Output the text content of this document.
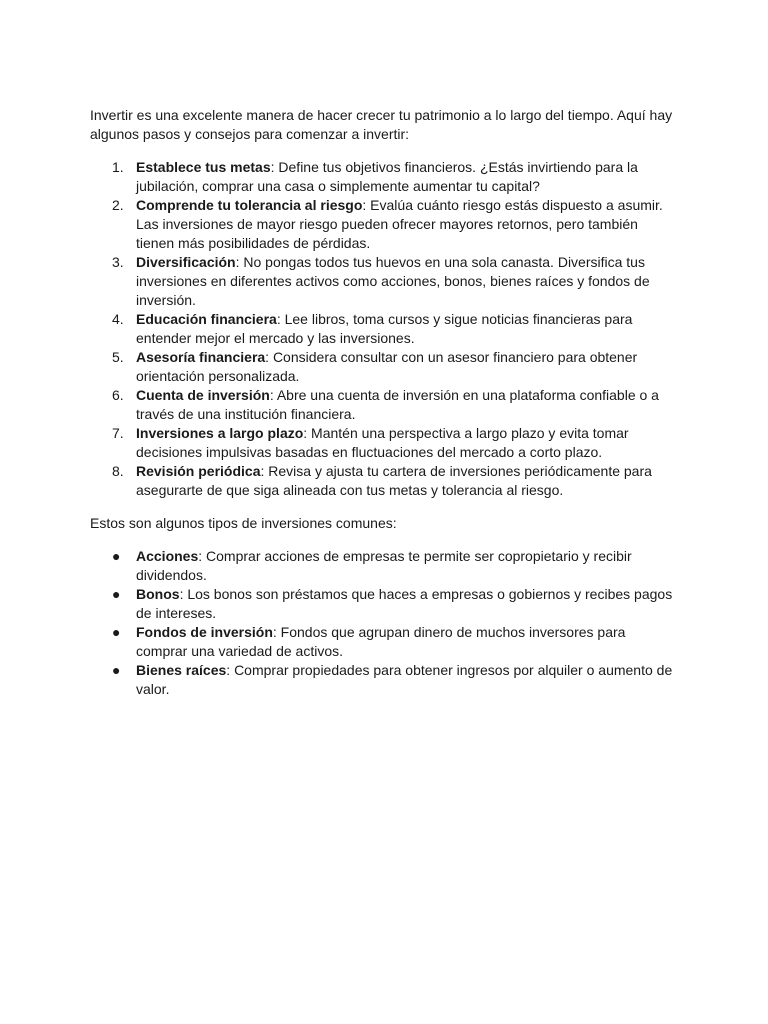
Invertir es una excelente manera de hacer crecer tu patrimonio a lo largo del tiempo. Aquí hay algunos pasos y consejos para comenzar a invertir:

1. Establece tus metas: Define tus objetivos financieros. ¿Estás invirtiendo para la jubilación, comprar una casa o simplemente aumentar tu capital?
2. Comprende tu tolerancia al riesgo: Evalúa cuánto riesgo estás dispuesto a asumir. Las inversiones de mayor riesgo pueden ofrecer mayores retornos, pero también tienen más posibilidades de pérdidas.
3. Diversificación: No pongas todos tus huevos en una sola canasta. Diversifica tus inversiones en diferentes activos como acciones, bonos, bienes raíces y fondos de inversión.
4. Educación financiera: Lee libros, toma cursos y sigue noticias financieras para entender mejor el mercado y las inversiones.
5. Asesoría financiera: Considera consultar con un asesor financiero para obtener orientación personalizada.
6. Cuenta de inversión: Abre una cuenta de inversión en una plataforma confiable o a través de una institución financiera.
7. Inversiones a largo plazo: Mantén una perspectiva a largo plazo y evita tomar decisiones impulsivas basadas en fluctuaciones del mercado a corto plazo.
8. Revisión periódica: Revisa y ajusta tu cartera de inversiones periódicamente para asegurarte de que siga alineada con tus metas y tolerancia al riesgo.

Estos son algunos tipos de inversiones comunes:

● Acciones: Comprar acciones de empresas te permite ser copropietario y recibir dividendos.
● Bonos: Los bonos son préstamos que haces a empresas o gobiernos y recibes pagos de intereses.
● Fondos de inversión: Fondos que agrupan dinero de muchos inversores para comprar una variedad de activos.
● Bienes raíces: Comprar propiedades para obtener ingresos por alquiler o aumento de valor.
